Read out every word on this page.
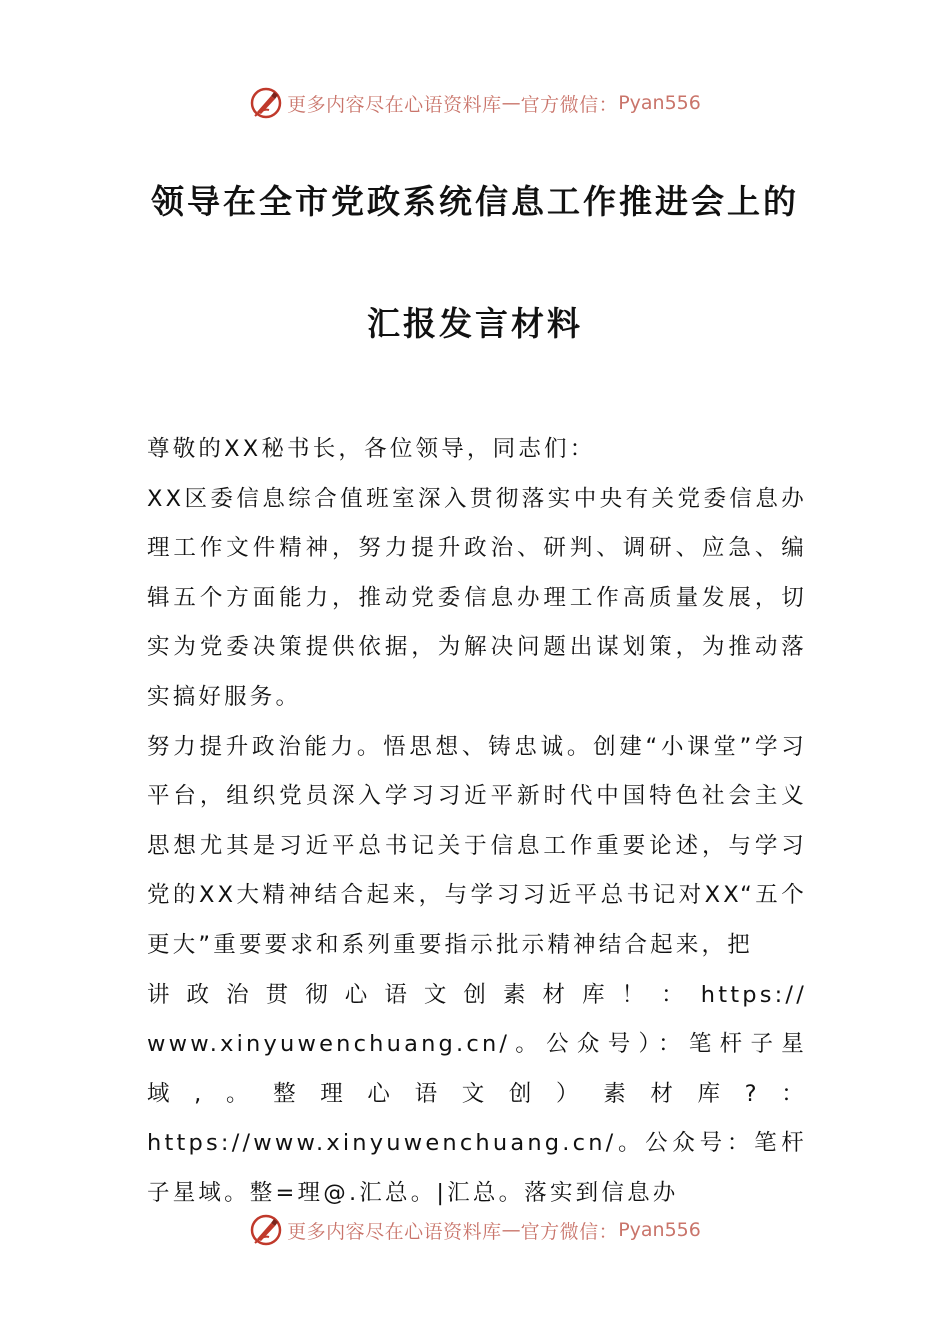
更多内容尽在心语资料库 — 官方微信： Pyan556
领导在全市党政系统信息工作推进会上的
汇报发言材料

尊敬的XX秘书长，各位领导，同志们：

XX区委信息综合值班室深入贯彻落实中央有关党委信息办理工作文件精神，努力提升政治、研判、调研、应急、编辑五个方面能力，推动党委信息办理工作高质量发展，切实为党委决策提供依据，为解决问题出谋划策，为推动落实搞好服务。

努力提升政治能力。悟思想、铸忠诚。创建“小课堂”学习平台，组织党员深入学习习近平新时代中国特色社会主义思想尤其是习近平总书记关于信息工作重要论述，与学习党的XX大精神结合起来，与学习习近平总书记对XX“五个更大”重要要求和系列重要指示批示精神结合起来，把
讲政治贯彻心语文创素材库！：https://
www.xinyuwenchuang.cn/。公众号）：笔杆子星域,。整理心语文创）素材库?：https://www.xinyuwenchuang.cn/。公众号：笔杆子星域。整=理@.汇总。|汇总。落实到信息办

更多内容尽在心语资料库 — 官方微信： Pyan556
